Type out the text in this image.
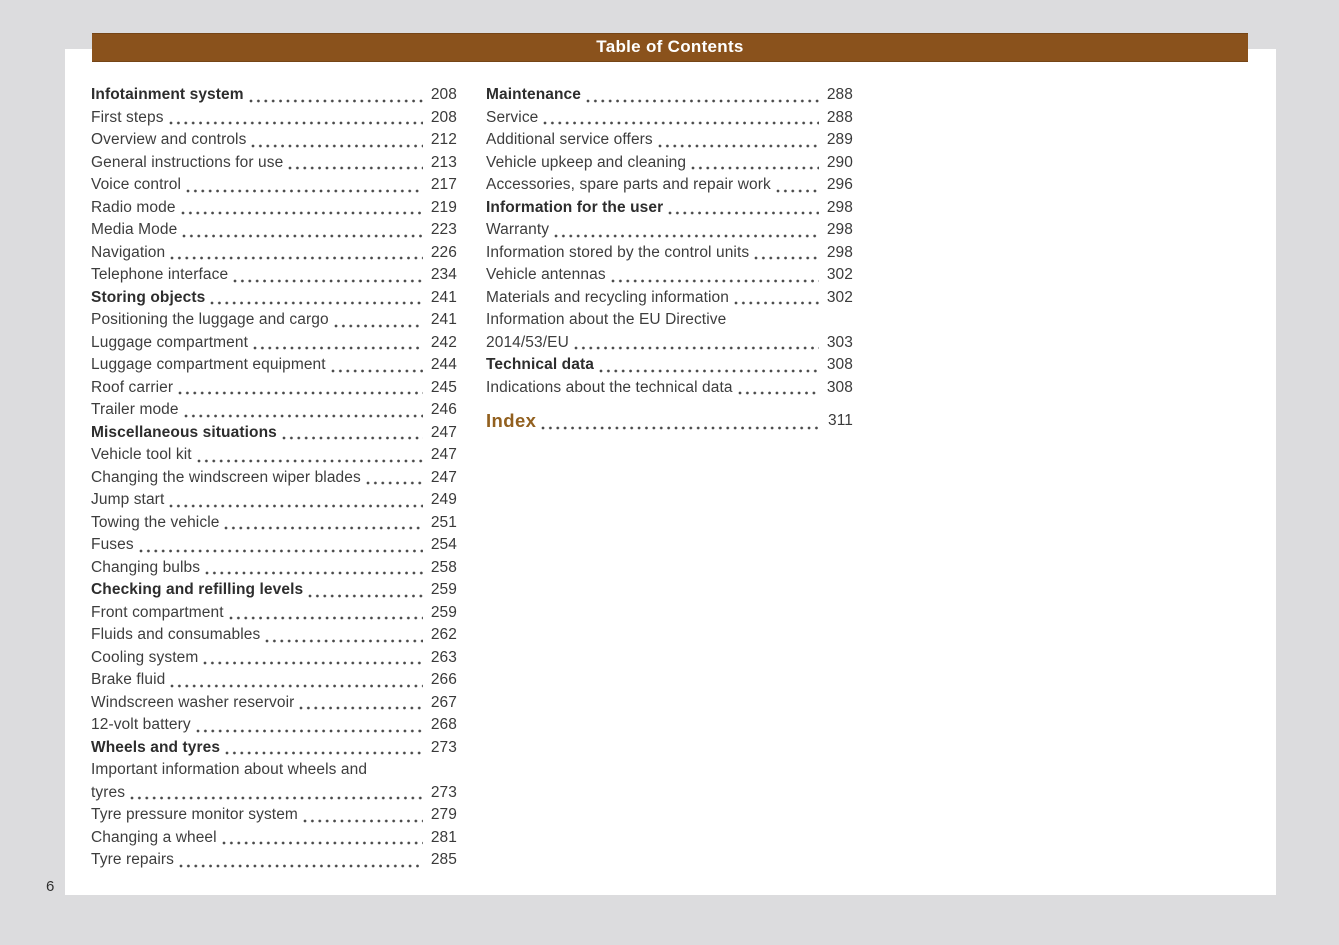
Infotainment system	208
First steps	208
Overview and controls	212
General instructions for use	213
Voice control	217
Radio mode	219
Media Mode	223
Navigation	226
Telephone interface	234
Storing objects	241
Positioning the luggage and cargo	241
Luggage compartment	242
Luggage compartment equipment	244
Roof carrier	245
Trailer mode	246
Miscellaneous situations	247
Vehicle tool kit	247
Changing the windscreen wiper blades	247
Jump start	249
Towing the vehicle	251
Fuses	254
Changing bulbs	258
Checking and refilling levels	259
Front compartment	259
Fluids and consumables	262
Cooling system	263
Brake fluid	266
Windscreen washer reservoir	267
12-volt battery	268
Wheels and tyres	273
Important information about wheels and
tyres	273
Tyre pressure monitor system	279
Changing a wheel	281
Tyre repairs	285
Maintenance	288
Service	288
Additional service offers	289
Vehicle upkeep and cleaning	290
Accessories, spare parts and repair work	296
Information for the user	298
Warranty	298
Information stored by the control units	298
Vehicle antennas	302
Materials and recycling information	302
Information about the EU Directive
2014/53/EU	303
Technical data	308
Indications about the technical data	308
Index	311
Table of Contents
6
